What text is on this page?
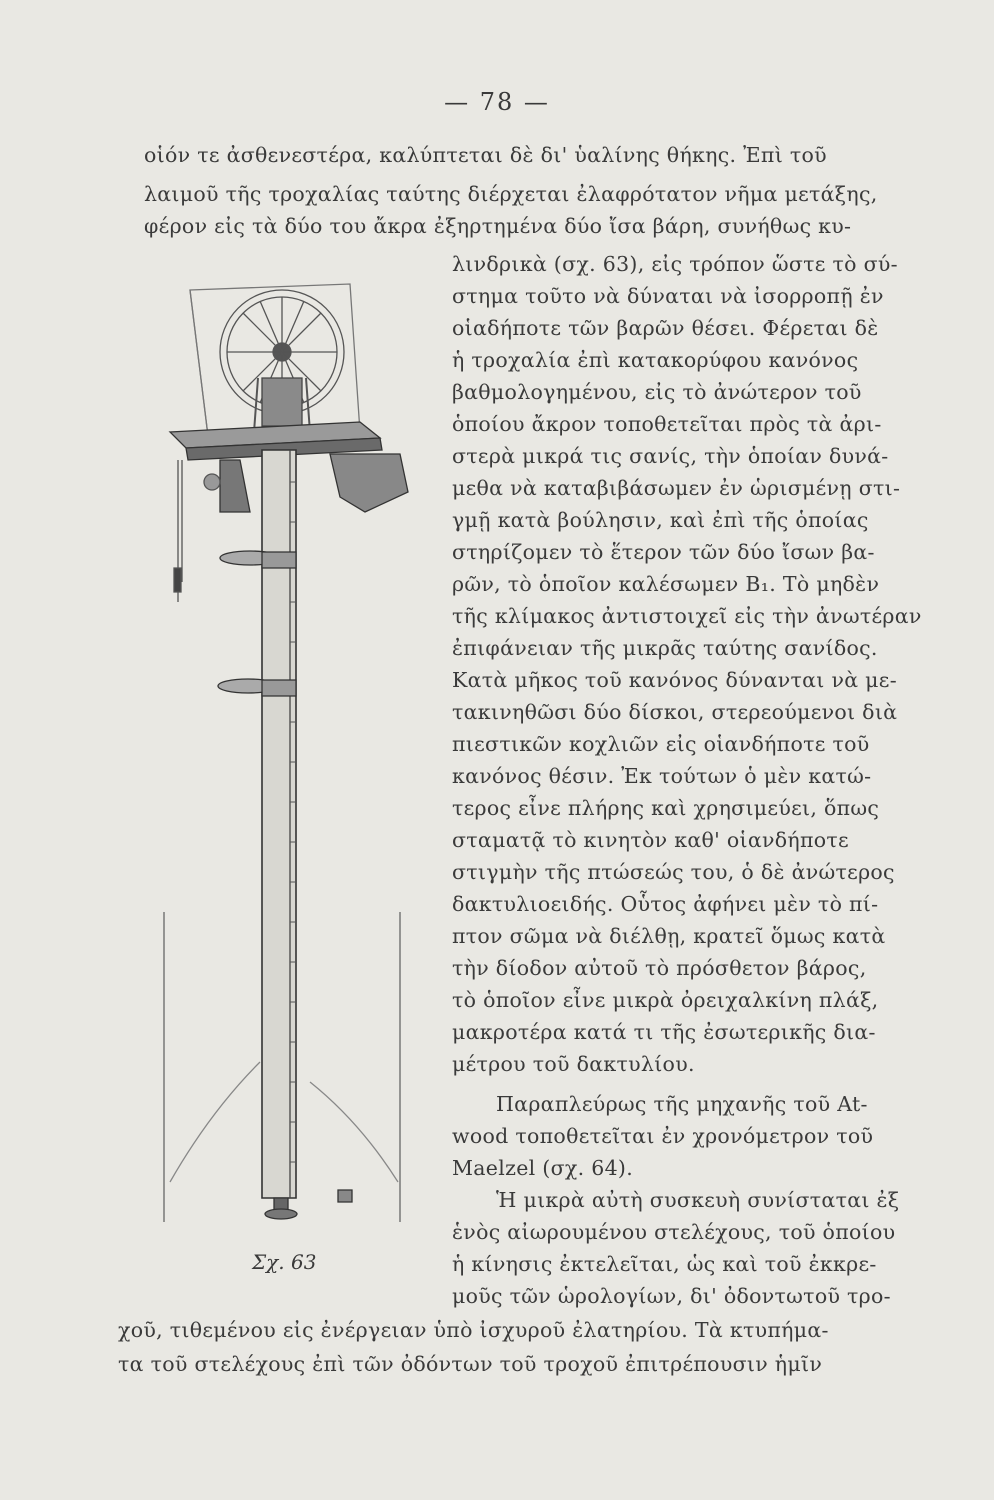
— 78 —
οἱόν τε ἀσθενεστέρα, καλύπτεται δὲ δι' ὑαλίνης θήκης. Ἐπὶ τοῦ
λαιμοῦ τῆς τροχαλίας ταύτης διέρχεται ἐλαφρότατον νῆμα μετάξης,
φέρον εἰς τὰ δύο του ἄκρα ἐξηρτημένα δύο ἴσα βάρη, συνήθως κυ-
λινδρικὰ (σχ. 63), εἰς τρόπον ὥστε τὸ σύ-
στημα τοῦτο νὰ δύναται νὰ ἰσορροπῇ ἐν
οἱαδήποτε τῶν βαρῶν θέσει. Φέρεται δὲ
ἡ τροχαλία ἐπὶ κατακορύφου κανόνος
βαθμολογημένου, εἰς τὸ ἀνώτερον τοῦ
ὁποίου ἄκρον τοποθετεῖται πρὸς τὰ ἀρι-
στερὰ μικρά τις σανίς, τὴν ὁποίαν δυνά-
μεθα νὰ καταβιβάσωμεν ἐν ὡρισμένῃ στι-
γμῇ κατὰ βούλησιν, καὶ ἐπὶ τῆς ὁποίας
στηρίζομεν τὸ ἕτερον τῶν δύο ἴσων βα-
ρῶν, τὸ ὁποῖον καλέσωμεν Β₁. Τὸ μηδὲν
τῆς κλίμακος ἀντιστοιχεῖ εἰς τὴν ἀνωτέραν
ἐπιφάνειαν τῆς μικρᾶς ταύτης σανίδος.
Κατὰ μῆκος τοῦ κανόνος δύνανται νὰ με-
τακινηθῶσι δύο δίσκοι, στερεούμενοι διὰ
πιεστικῶν κοχλιῶν εἰς οἱανδήποτε τοῦ
κανόνος θέσιν. Ἐκ τούτων ὁ μὲν κατώ-
τερος εἶνε πλήρης καὶ χρησιμεύει, ὅπως
σταματᾷ τὸ κινητὸν καθ' οἱανδήποτε
στιγμὴν τῆς πτώσεώς του, ὁ δὲ ἀνώτερος
δακτυλιοειδής. Οὗτος ἀφήνει μὲν τὸ πί-
πτον σῶμα νὰ διέλθῃ, κρατεῖ ὅμως κατὰ
τὴν δίοδον αὐτοῦ τὸ πρόσθετον βάρος,
τὸ ὁποῖον εἶνε μικρὰ ὀρειχαλκίνη πλάξ,
μακροτέρα κατά τι τῆς ἐσωτερικῆς δια-
μέτρου τοῦ δακτυλίου.
Παραπλεύρως τῆς μηχανῆς τοῦ At-
wood τοποθετεῖται ἐν χρονόμετρον τοῦ
Maelzel (σχ. 64).
Ἡ μικρὰ αὐτὴ συσκευὴ συνίσταται ἐξ
ἑνὸς αἰωρουμένου στελέχους, τοῦ ὁποίου
ἡ κίνησις ἐκτελεῖται, ὡς καὶ τοῦ ἐκκρε-
μοῦς τῶν ὡρολογίων, δι' ὀδοντωτοῦ τρο-
χοῦ, τιθεμένου εἰς ἐνέργειαν ὑπὸ ἰσχυροῦ ἐλατηρίου. Τὰ κτυπήμα-
τα τοῦ στελέχους ἐπὶ τῶν ὀδόντων τοῦ τροχοῦ ἐπιτρέπουσιν ἡμῖν
Σχ. 63
